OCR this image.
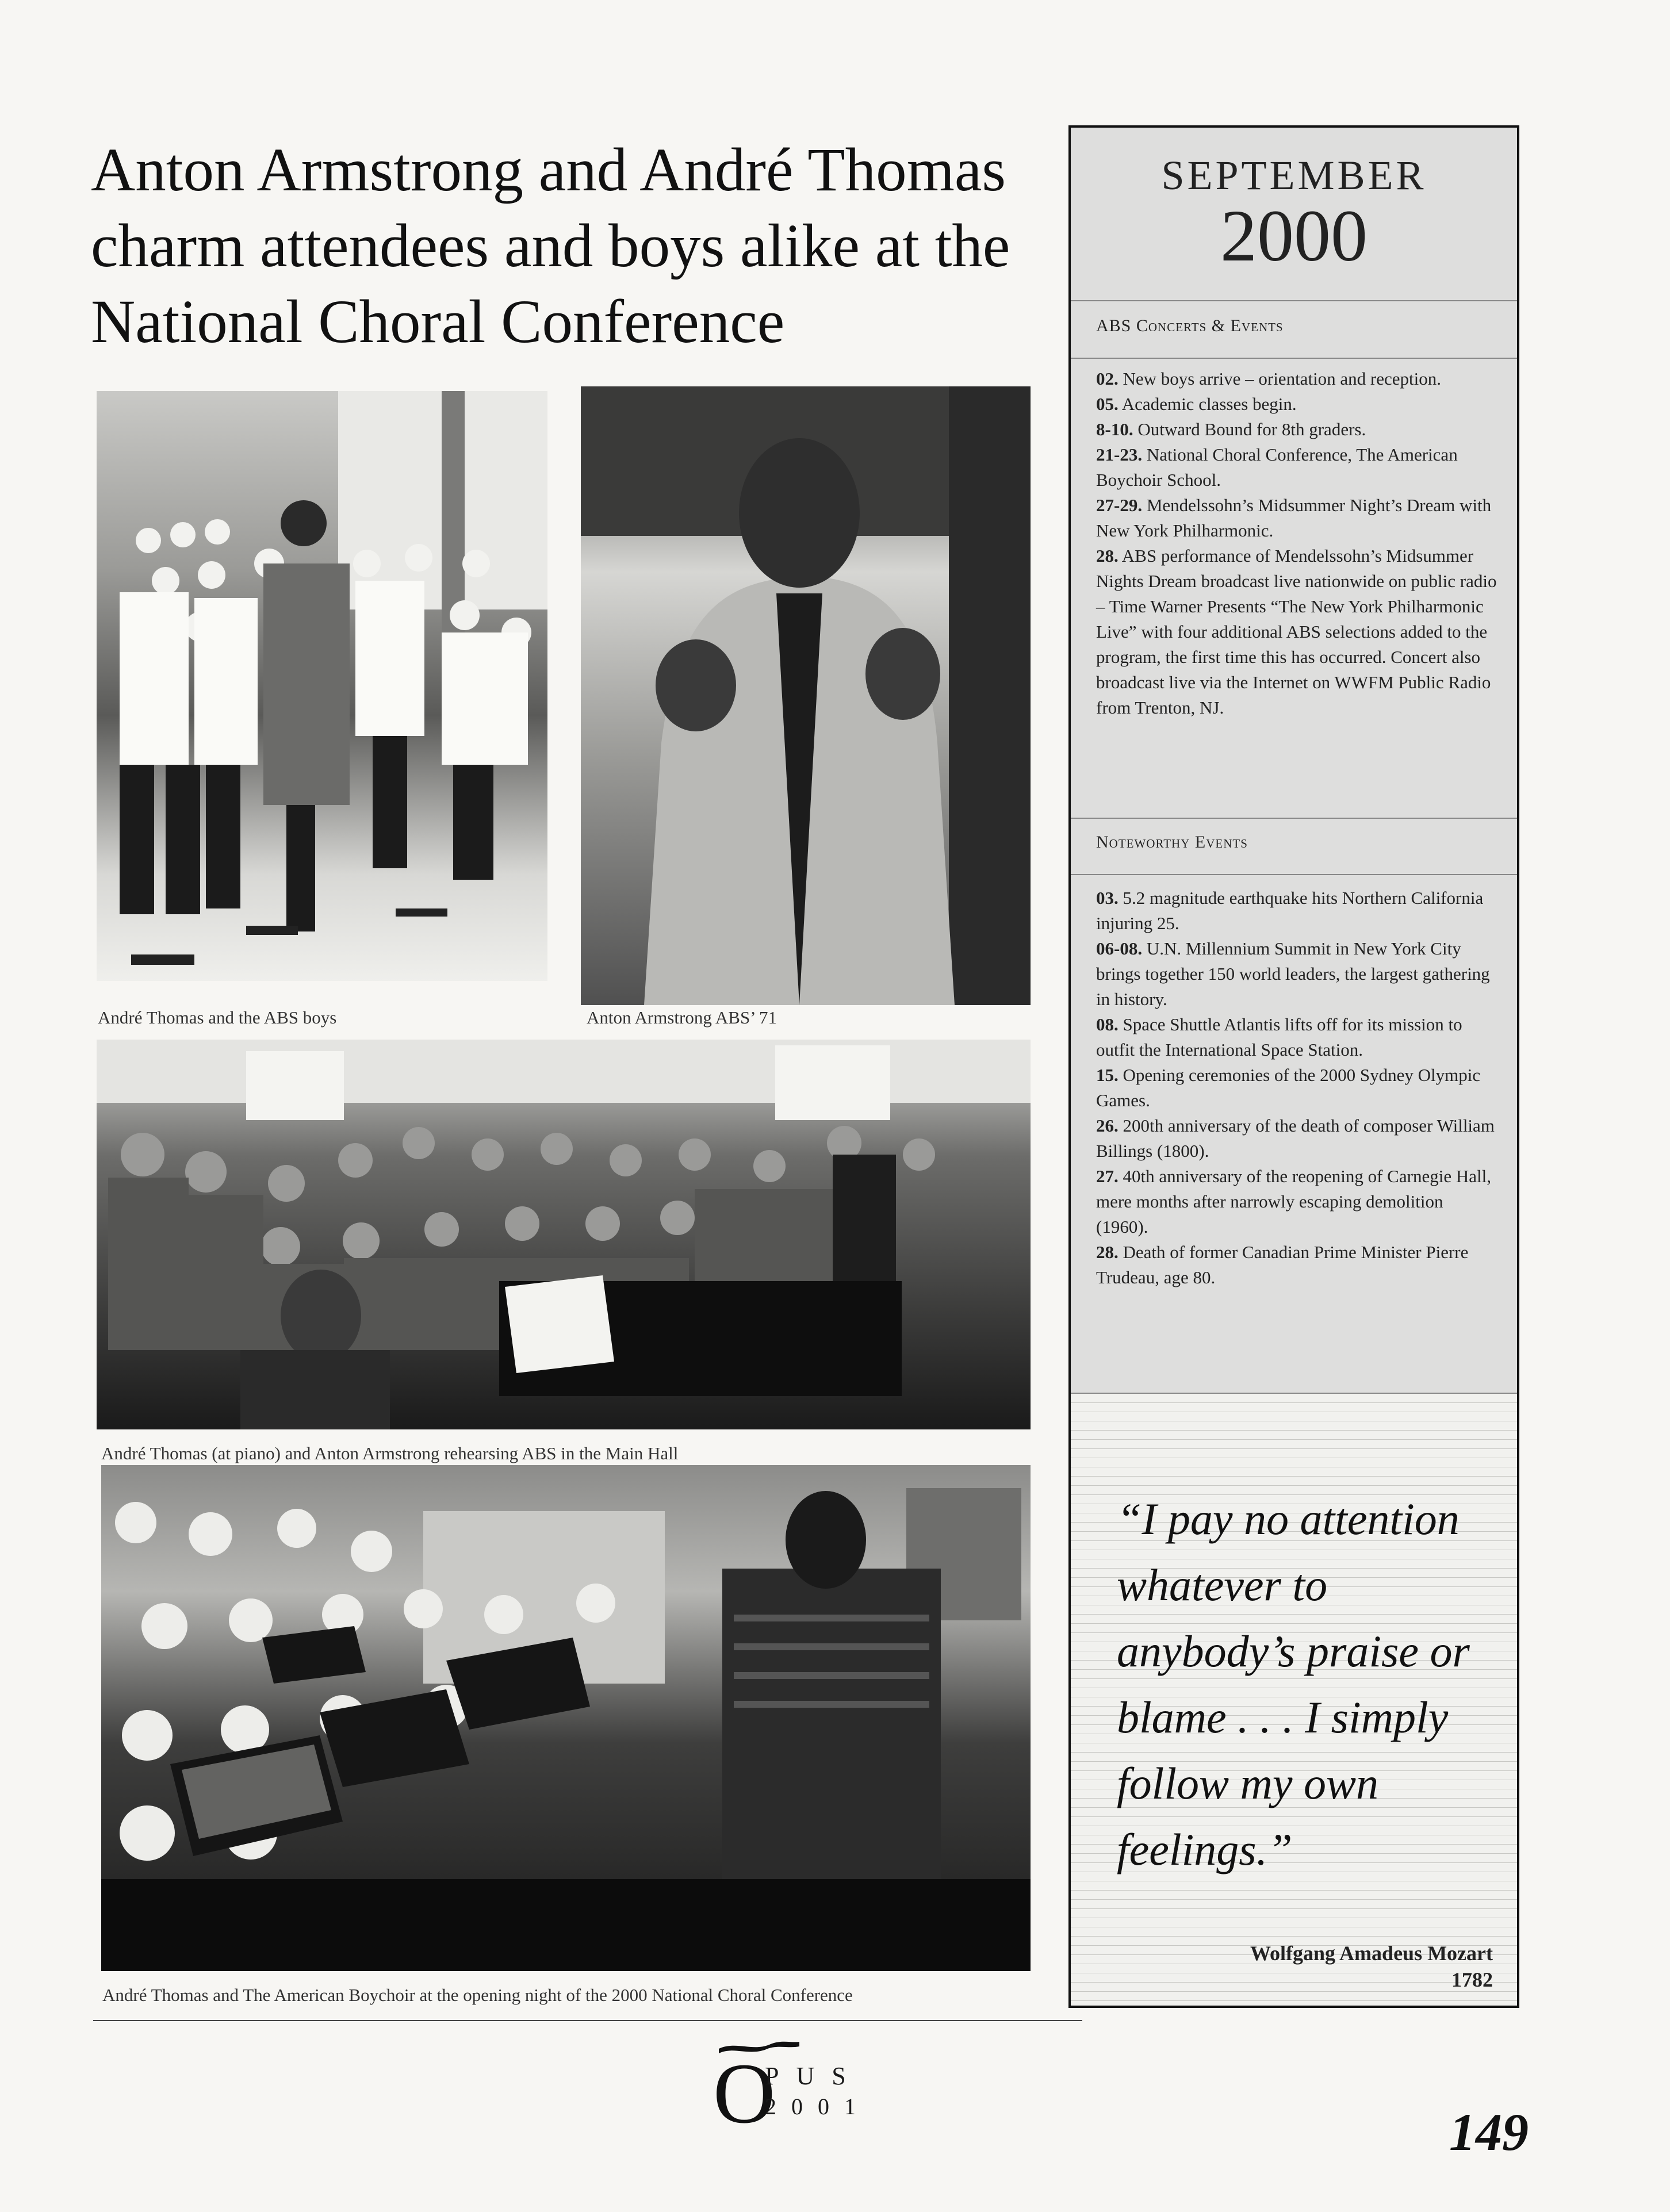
Anton Armstrong and André Thomas
charm attendees and boys alike at the
National Choral Conference

André Thomas and the ABS boys	Anton Armstrong ABS’ 71

André Thomas (at piano) and Anton Armstrong rehearsing ABS in the Main Hall

André Thomas and The American Boychoir at the opening night of the 2000 National Choral Conference

SEPTEMBER
2000
ABS Concerts & Events
02. New boys arrive – orientation and reception.
05. Academic classes begin.
8-10. Outward Bound for 8th graders.
21-23. National Choral Conference, The American Boychoir School.
27-29. Mendelssohn’s Midsummer Night’s Dream with New York Philharmonic.
28. ABS performance of Mendelssohn’s Midsummer Nights Dream broadcast live nationwide on public radio – Time Warner Presents “The New York Philharmonic Live” with four additional ABS selections added to the program, the first time this has occurred. Concert also broadcast live via the Internet on WWFM Public Radio from Trenton, NJ.
Noteworthy Events
03. 5.2 magnitude earthquake hits Northern California injuring 25.
06-08. U.N. Millennium Summit in New York City brings together 150 world leaders, the largest gathering in history.
08. Space Shuttle Atlantis lifts off for its mission to outfit the International Space Station.
15. Opening ceremonies of the 2000 Sydney Olympic Games.
26. 200th anniversary of the death of composer William Billings (1800).
27. 40th anniversary of the reopening of Carnegie Hall, mere months after narrowly escaping demolition (1960).
28. Death of former Canadian Prime Minister Pierre Trudeau, age 80.

“I pay no attention whatever to anybody’s praise or blame . . . I simply follow my own feelings.”

Wolfgang Amadeus Mozart
1782
O
PUS
2001	149
